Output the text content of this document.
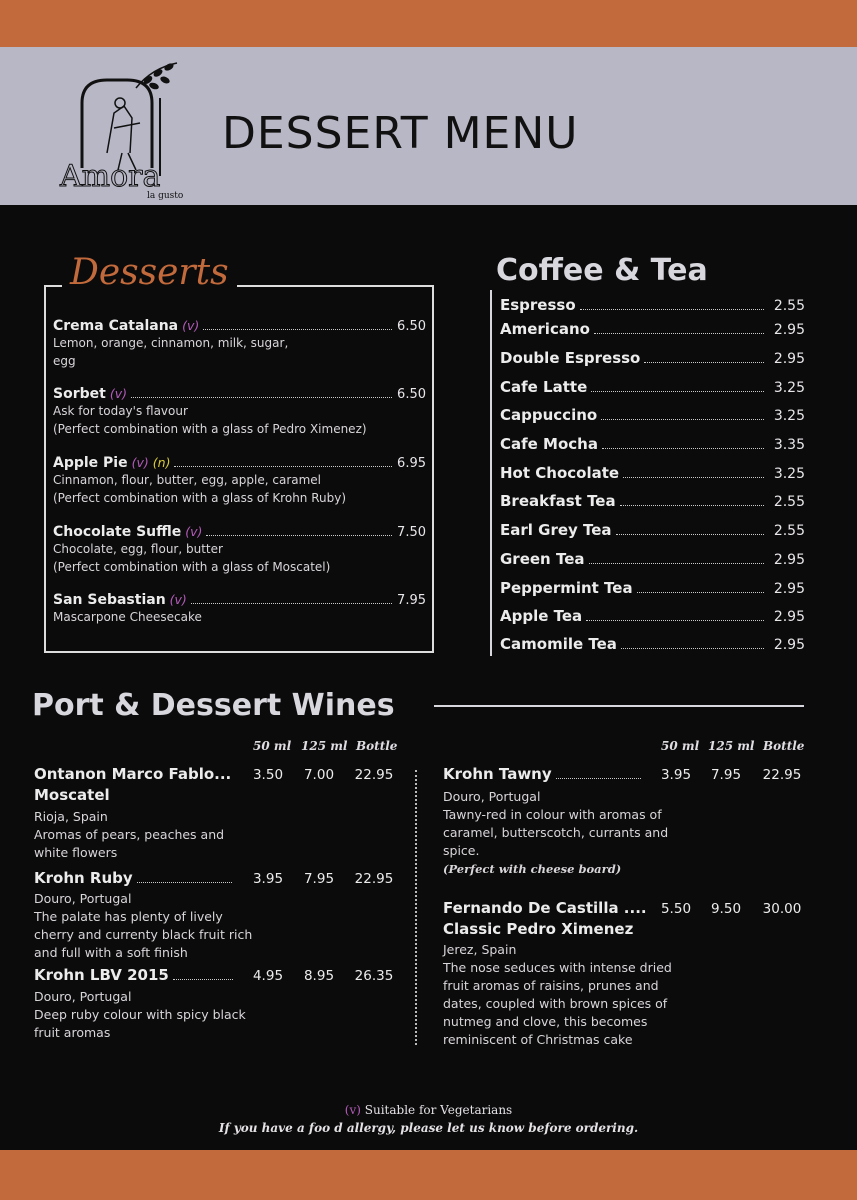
Amora
la gusto
DESSERT MENU
Desserts
Crema Catalana (v)	6.50
Lemon, orange, cinnamon, milk, sugar,
egg
Sorbet (v)	6.50
Ask for today's flavour
(Perfect combination with a glass of Pedro Ximenez)
Apple Pie (v) (n)	6.95
Cinnamon, flour, butter, egg, apple, caramel
(Perfect combination with a glass of Krohn Ruby)
Chocolate Suffle (v)	7.50
Chocolate, egg, flour, butter
(Perfect combination with a glass of Moscatel)
San Sebastian (v)	7.95
Mascarpone Cheesecake
Coffee & Tea
Espresso	2.55
Americano	2.95
Double Espresso	2.95
Cafe Latte	3.25
Cappuccino	3.25
Cafe Mocha	3.35
Hot Chocolate	3.25
Breakfast Tea	2.55
Earl Grey Tea	2.55
Green Tea	2.95
Peppermint Tea	2.95
Apple Tea	2.95
Camomile Tea	2.95
Port & Dessert Wines
50 ml 125 ml Bottle	50 ml 125 ml Bottle
Ontanon Marco Fablo...
Moscatel
3.50	7.00	22.95
Rioja, Spain
Aromas of pears, peaches and
white flowers
Krohn Ruby	3.95	7.95	22.95
Douro, Portugal
The palate has plenty of lively
cherry and currenty black fruit rich
and full with a soft finish
Krohn LBV 2015	4.95	8.95	26.35
Douro, Portugal
Deep ruby colour with spicy black
fruit aromas
Krohn Tawny	3.95	7.95	22.95
Douro, Portugal
Tawny-red in colour with aromas of
caramel, butterscotch, currants and
spice.
(Perfect with cheese board)
Fernando De Castilla ....
Classic Pedro Ximenez
5.50	9.50	30.00
Jerez, Spain
The nose seduces with intense dried
fruit aromas of raisins, prunes and
dates, coupled with brown spices of
nutmeg and clove, this becomes
reminiscent of Christmas cake
(v) Suitable for Vegetarians
If you have a foo d allergy, please let us know before ordering.
